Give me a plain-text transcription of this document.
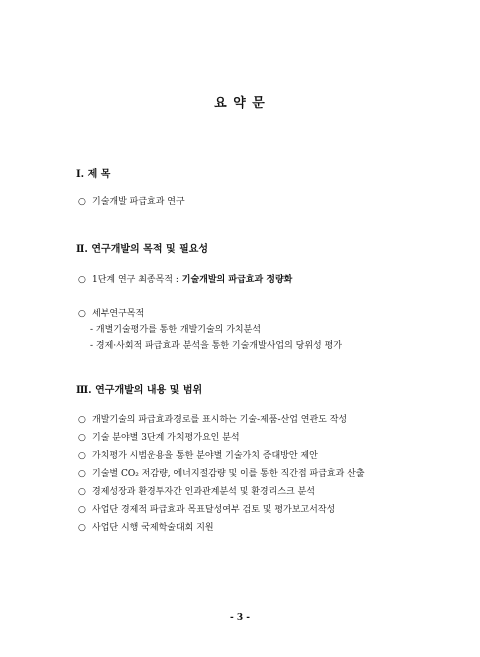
요 약 문
Ⅰ. 제 목
○ 기술개발 파급효과 연구
Ⅱ. 연구개발의 목적 및 필요성
○ 1단계 연구 최종목적 : 기술개발의 파급효과 정량화
○ 세부연구목적
- 개별기술평가를 통한 개발기술의 가치분석
- 경제·사회적 파급효과 분석을 통한 기술개발사업의 당위성 평가
Ⅲ. 연구개발의 내용 및 범위
○ 개발기술의 파급효과경로를 표시하는 기술-제품-산업 연관도 작성
○ 기술 분야별 3단계 가치평가요인 분석
○ 가치평가 시범운용을 통한 분야별 기술가치 증대방안 제안
○ 기술별 CO₂ 저감량, 에너지절감량 및 이를 통한 직간접 파급효과 산출
○ 경제성장과 환경투자간 인과관계분석 및 환경리스크 분석
○ 사업단 경제적 파급효과 목표달성여부 검토 및 평가보고서작성
○ 사업단 시행 국제학술대회 지원
- 3 -
